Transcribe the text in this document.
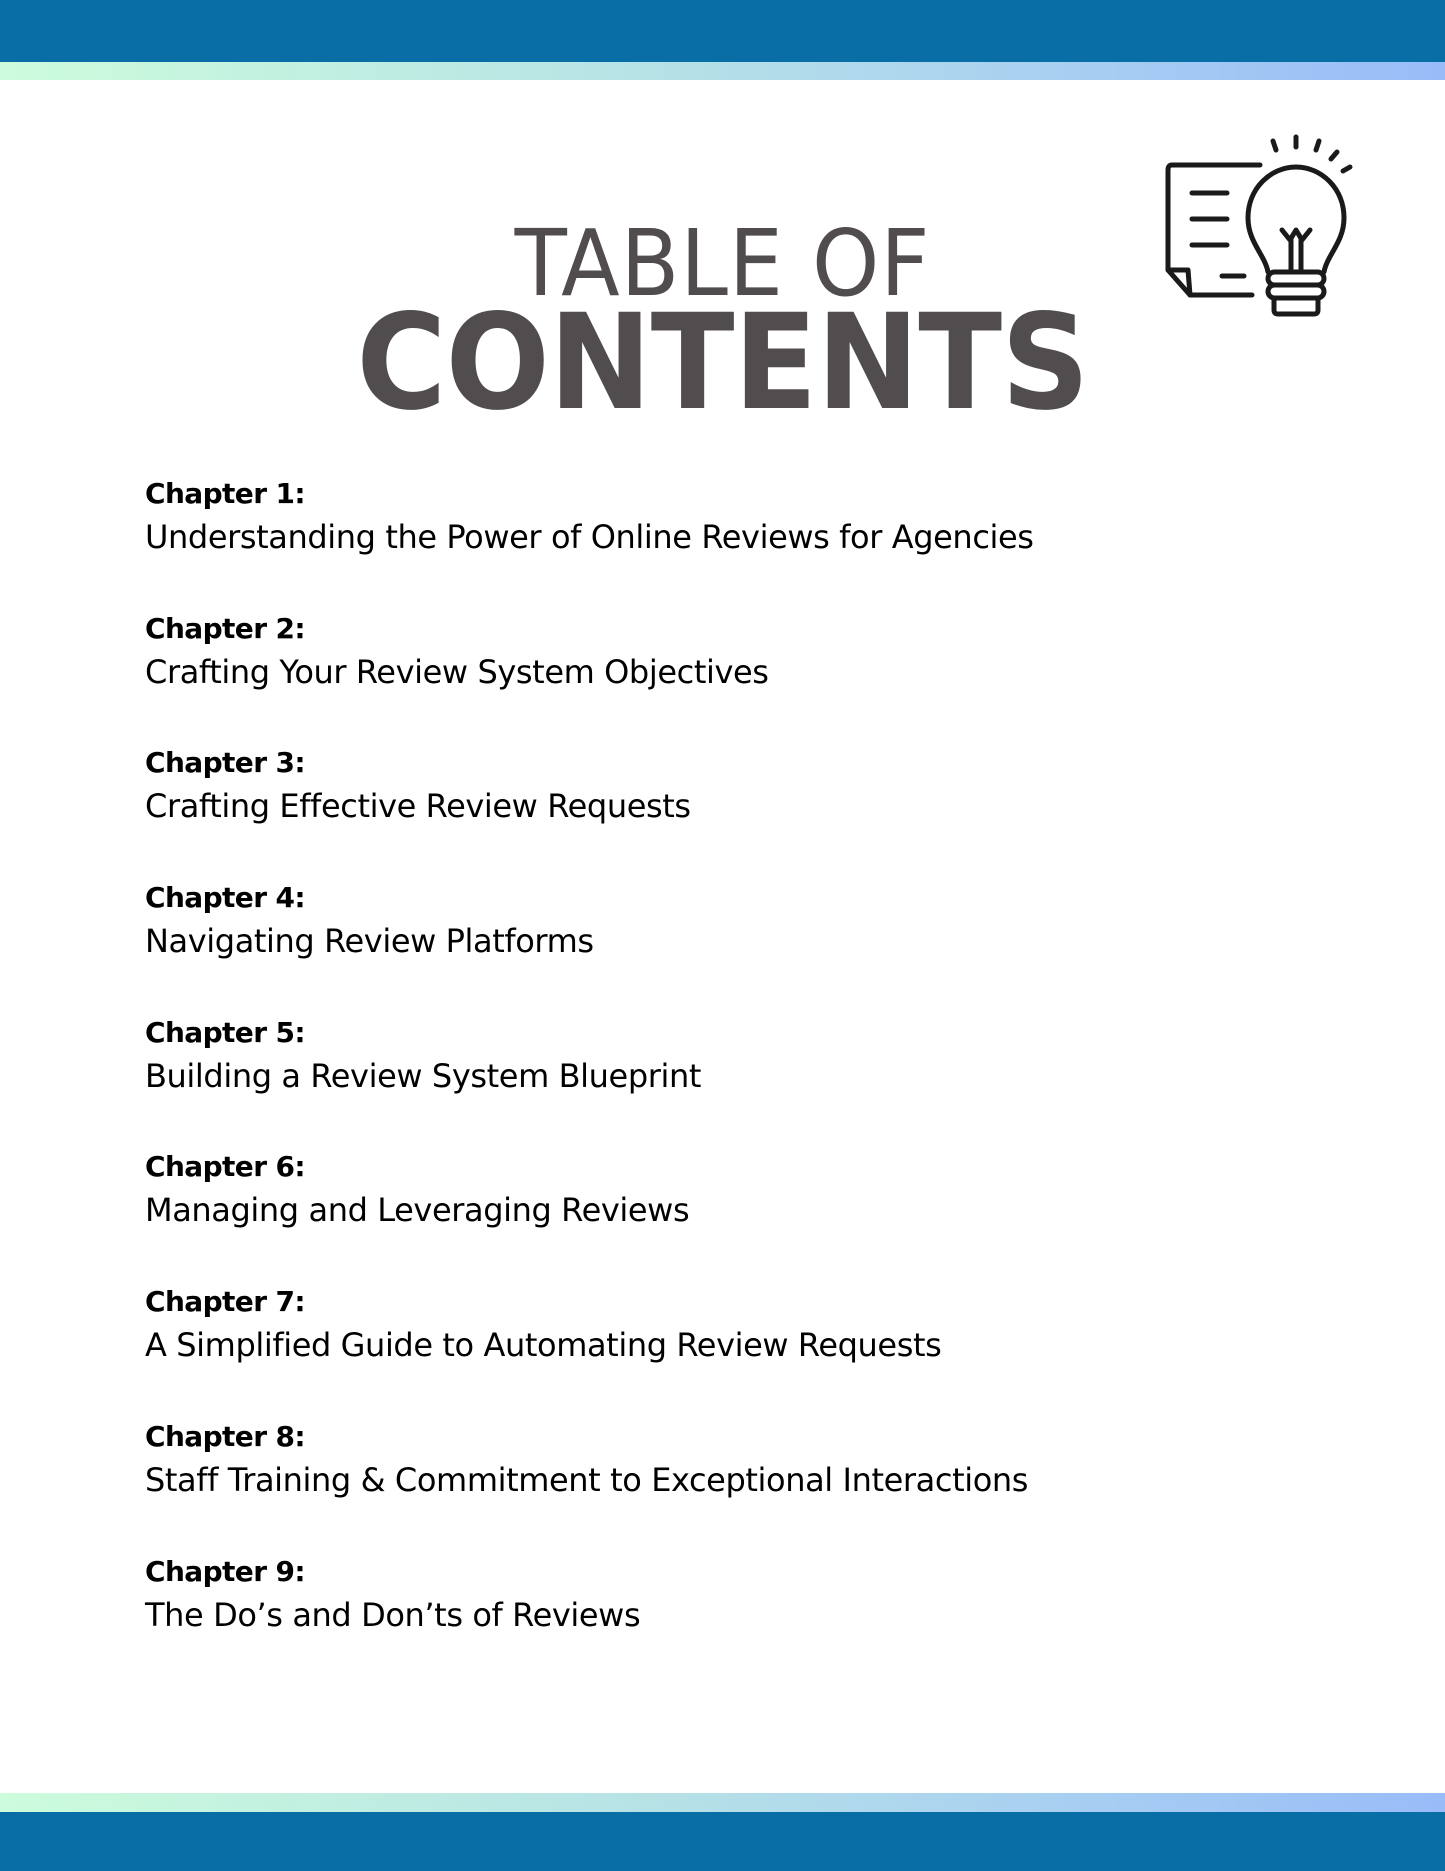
TABLE OF
CONTENTS
Chapter 1:
Understanding the Power of Online Reviews for Agencies
Chapter 2:
Crafting Your Review System Objectives
Chapter 3:
Crafting Effective Review Requests
Chapter 4:
Navigating Review Platforms
Chapter 5:
Building a Review System Blueprint
Chapter 6:
Managing and Leveraging Reviews
Chapter 7:
A Simplified Guide to Automating Review Requests
Chapter 8:
Staff Training & Commitment to Exceptional Interactions
Chapter 9:
The Do’s and Don’ts of Reviews
